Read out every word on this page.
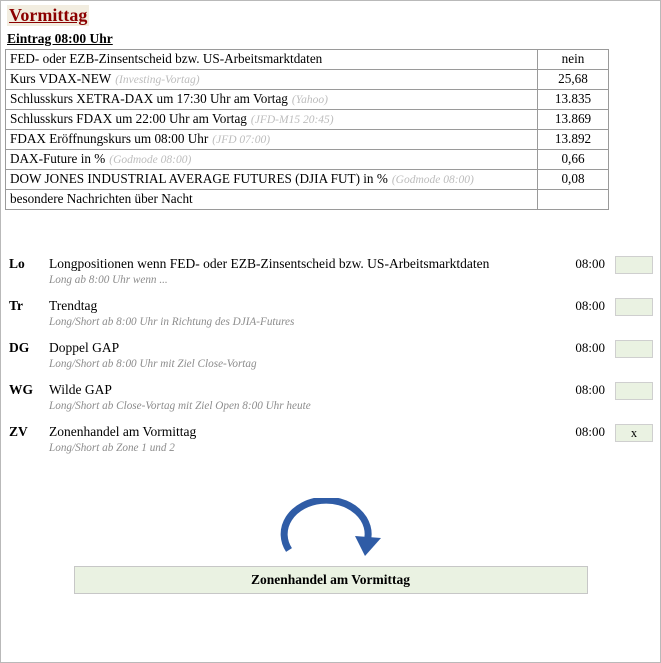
Vormittag
Eintrag 08:00 Uhr
FED- oder EZB-Zinsentscheid bzw. US-Arbeitsmarktdaten	nein
Kurs VDAX-NEW (Investing-Vortag)	25,68
Schlusskurs XETRA-DAX um 17:30 Uhr am Vortag (Yahoo)	13.835
Schlusskurs FDAX um 22:00 Uhr am Vortag (JFD-M15 20:45)	13.869
FDAX Eröffnungskurs um 08:00 Uhr (JFD 07:00)	13.892
DAX-Future in % (Godmode 08:00)	0,66
DOW JONES INDUSTRIAL AVERAGE FUTURES (DJIA FUT) in % (Godmode 08:00)	0,08
besondere Nachrichten über Nacht	
Lo	Longpositionen wenn FED- oder EZB-Zinsentscheid bzw. US-Arbeitsmarktdaten	08:00	

	Long ab 8:00 Uhr wenn ...		
Tr	Trendtag	08:00	

	Long/Short ab 8:00 Uhr in Richtung des DJIA-Futures		
DG	Doppel GAP	08:00	

	Long/Short ab 8:00 Uhr mit Ziel Close-Vortag		
WG	Wilde GAP	08:00	

	Long/Short ab Close-Vortag mit Ziel Open 8:00 Uhr heute		
ZV	Zonenhandel am Vormittag	08:00	x

	Long/Short ab Zone 1 und 2		
Zonenhandel am Vormittag
